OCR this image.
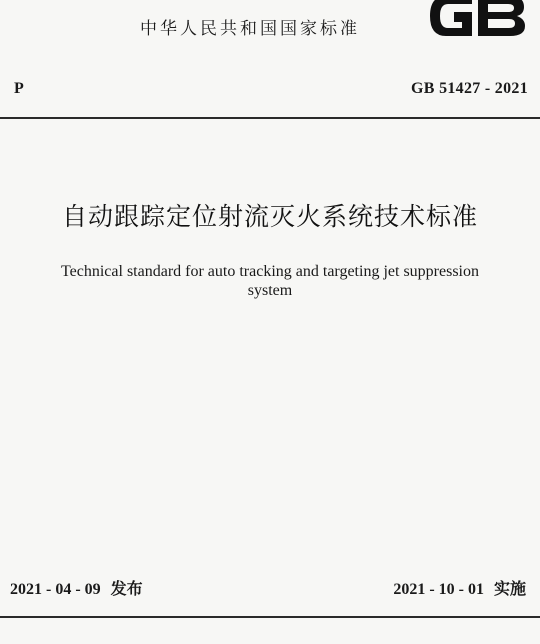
中华人民共和国国家标准
P	GB 51427 - 2021
自动跟踪定位射流灭火系统技术标准
Technical standard for auto tracking and targeting jet suppression system
2021 - 04 - 09 发布	2021 - 10 - 01 实施
